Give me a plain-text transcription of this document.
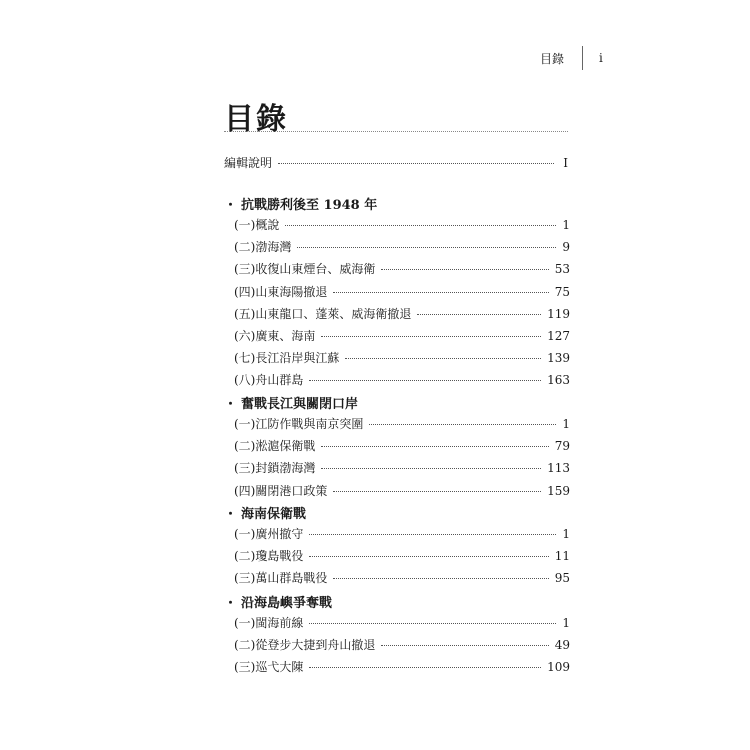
目錄	i
目錄
編輯說明	I
・ 抗戰勝利後至 1948 年
(一) 概說	1
(二) 渤海灣	9
(三) 收復山東煙台、威海衛	53
(四) 山東海陽撤退	75
(五) 山東龍口、蓬萊、威海衛撤退	119
(六) 廣東、海南	127
(七) 長江沿岸與江蘇	139
(八) 舟山群島	163
・ 奮戰長江與關閉口岸
(一) 江防作戰與南京突圍	1
(二) 淞滬保衛戰	79
(三) 封鎖渤海灣	113
(四) 關閉港口政策	159
・ 海南保衛戰
(一) 廣州撤守	1
(二) 瓊島戰役	11
(三) 萬山群島戰役	95
・ 沿海島嶼爭奪戰
(一) 閩海前線	1
(二) 從登步大捷到舟山撤退	49
(三) 巡弋大陳	109
